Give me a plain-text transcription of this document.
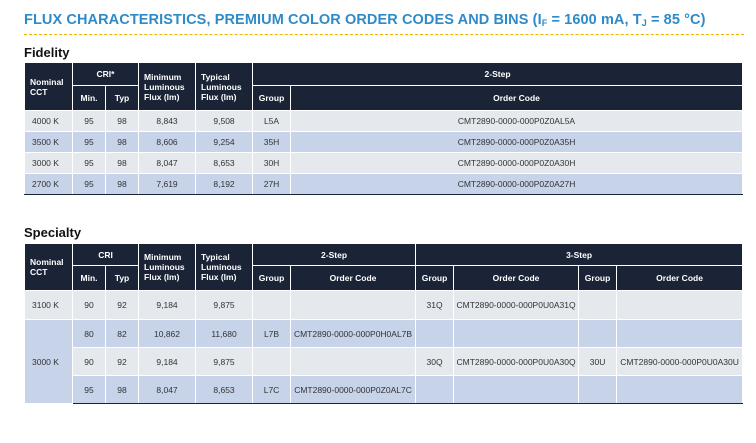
FLUX CHARACTERISTICS, PREMIUM COLOR ORDER CODES AND BINS ($I_F = 1600$ mA, $T_J = 85$ °C)
Fidelity
Nominal CCT	CRI*		Minimum Luminous Flux (lm)	Typical Luminous Flux (lm)	2-Step	
	Min.	Typ			Group	Order Code
4000 K	95	98	8,843	9,508	L5A	CMT2890-0000-000P0Z0AL5A
3500 K	95	98	8,606	9,254	35H	CMT2890-0000-000P0Z0A35H
3000 K	95	98	8,047	8,653	30H	CMT2890-0000-000P0Z0A30H
2700 K	95	98	7,619	8,192	27H	CMT2890-0000-000P0Z0A27H
Specialty
Nominal CCT	CRI		Minimum Luminous Flux (lm)	Typical Luminous Flux (lm)	2-Step		3-Step			
	Min.	Typ			Group	Order Code	Group	Order Code	Group	Order Code
3100 K	90	92	9,184	9,875			31Q	CMT2890-0000-000P0U0A31Q		
3000 K	80	82	10,862	11,680	L7B	CMT2890-0000-000P0H0AL7B				
	90	92	9,184	9,875			30Q	CMT2890-0000-000P0U0A30Q	30U	CMT2890-0000-000P0U0A30U
	95	98	8,047	8,653	L7C	CMT2890-0000-000P0Z0AL7C				
